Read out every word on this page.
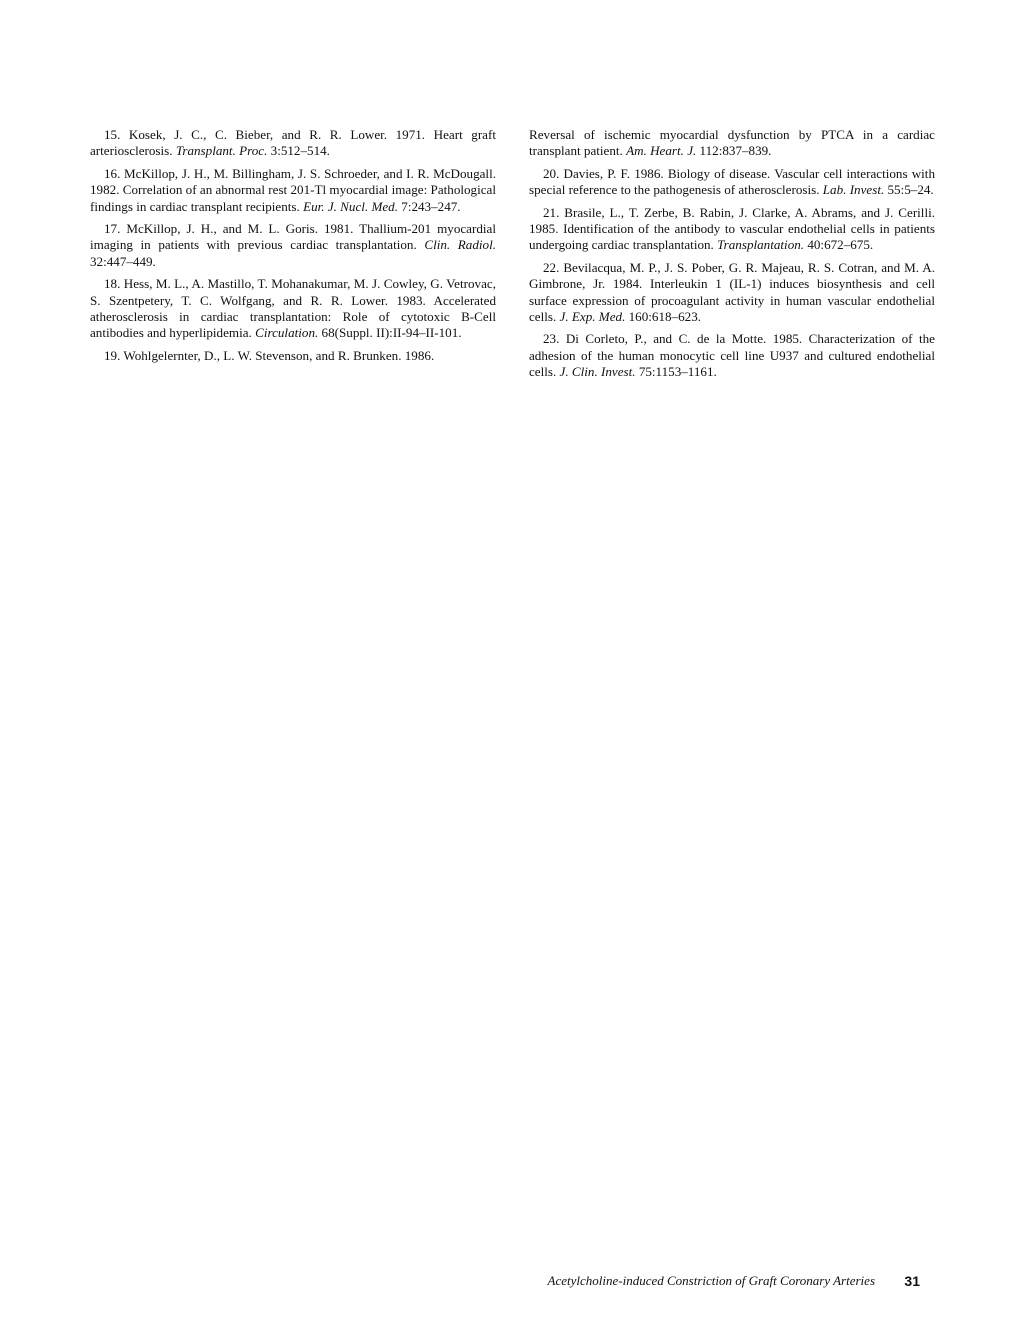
15. Kosek, J. C., C. Bieber, and R. R. Lower. 1971. Heart graft arteriosclerosis. Transplant. Proc. 3:512–514.

16. McKillop, J. H., M. Billingham, J. S. Schroeder, and I. R. McDougall. 1982. Correlation of an abnormal rest 201-Tl myocardial image: Pathological findings in cardiac transplant recipients. Eur. J. Nucl. Med. 7:243–247.

17. McKillop, J. H., and M. L. Goris. 1981. Thallium-201 myocardial imaging in patients with previous cardiac transplantation. Clin. Radiol. 32:447–449.

18. Hess, M. L., A. Mastillo, T. Mohanakumar, M. J. Cowley, G. Vetrovac, S. Szentpetery, T. C. Wolfgang, and R. R. Lower. 1983. Accelerated atherosclerosis in cardiac transplantation: Role of cytotoxic B-Cell antibodies and hyperlipidemia. Circulation. 68(Suppl. II):II-94–II-101.

19. Wohlgelernter, D., L. W. Stevenson, and R. Brunken. 1986.

Reversal of ischemic myocardial dysfunction by PTCA in a cardiac transplant patient. Am. Heart. J. 112:837–839.

20. Davies, P. F. 1986. Biology of disease. Vascular cell interactions with special reference to the pathogenesis of atherosclerosis. Lab. Invest. 55:5–24.

21. Brasile, L., T. Zerbe, B. Rabin, J. Clarke, A. Abrams, and J. Cerilli. 1985. Identification of the antibody to vascular endothelial cells in patients undergoing cardiac transplantation. Transplantation. 40:672–675.

22. Bevilacqua, M. P., J. S. Pober, G. R. Majeau, R. S. Cotran, and M. A. Gimbrone, Jr. 1984. Interleukin 1 (IL-1) induces biosynthesis and cell surface expression of procoagulant activity in human vascular endothelial cells. J. Exp. Med. 160:618–623.

23. Di Corleto, P., and C. de la Motte. 1985. Characterization of the adhesion of the human monocytic cell line U937 and cultured endothelial cells. J. Clin. Invest. 75:1153–1161.

Acetylcholine-induced Constriction of Graft Coronary Arteries 31
